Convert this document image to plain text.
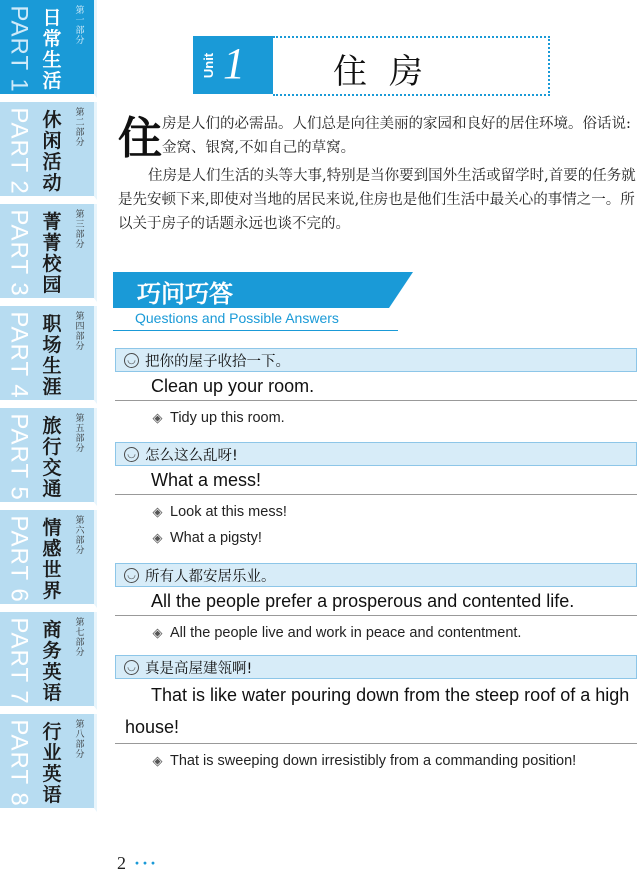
PART 1 日常生活
第一部分
PART 2 休闲活动
第二部分
PART 3 菁菁校园
第三部分
PART 4 职场生涯
第四部分
PART 5 旅行交通
第五部分
PART 6 情感世界
第六部分
PART 7 商务英语
第七部分
PART 8 行业英语
第八部分
Unit 1	住房
住 房是人们的必需品。人们总是向往美丽的家园和良好的居住环境。俗话说:金窝、银窝,不如自己的草窝。
住房是人们生活的头等大事,特别是当你要到国外生活或留学时,首要的任务就是先安顿下来,即使对当地的居民来说,住房也是他们生活中最关心的事情之一。所以关于房子的话题永远也谈不完的。
巧问巧答
Questions and Possible Answers
◡ 把你的屋子收拾一下。
Clean up your room.
◈ Tidy up this room.
◡ 怎么这么乱呀!
What a mess!
◈ Look at this mess!
◈ What a pigsty!
◡ 所有人都安居乐业。
All the people prefer a prosperous and contented life.
◈ All the people live and work in peace and contentment.
◡ 真是高屋建瓴啊!
That is like water pouring down from the steep roof of a high house!
◈ That is sweeping down irresistibly from a commanding position!
2 ···
